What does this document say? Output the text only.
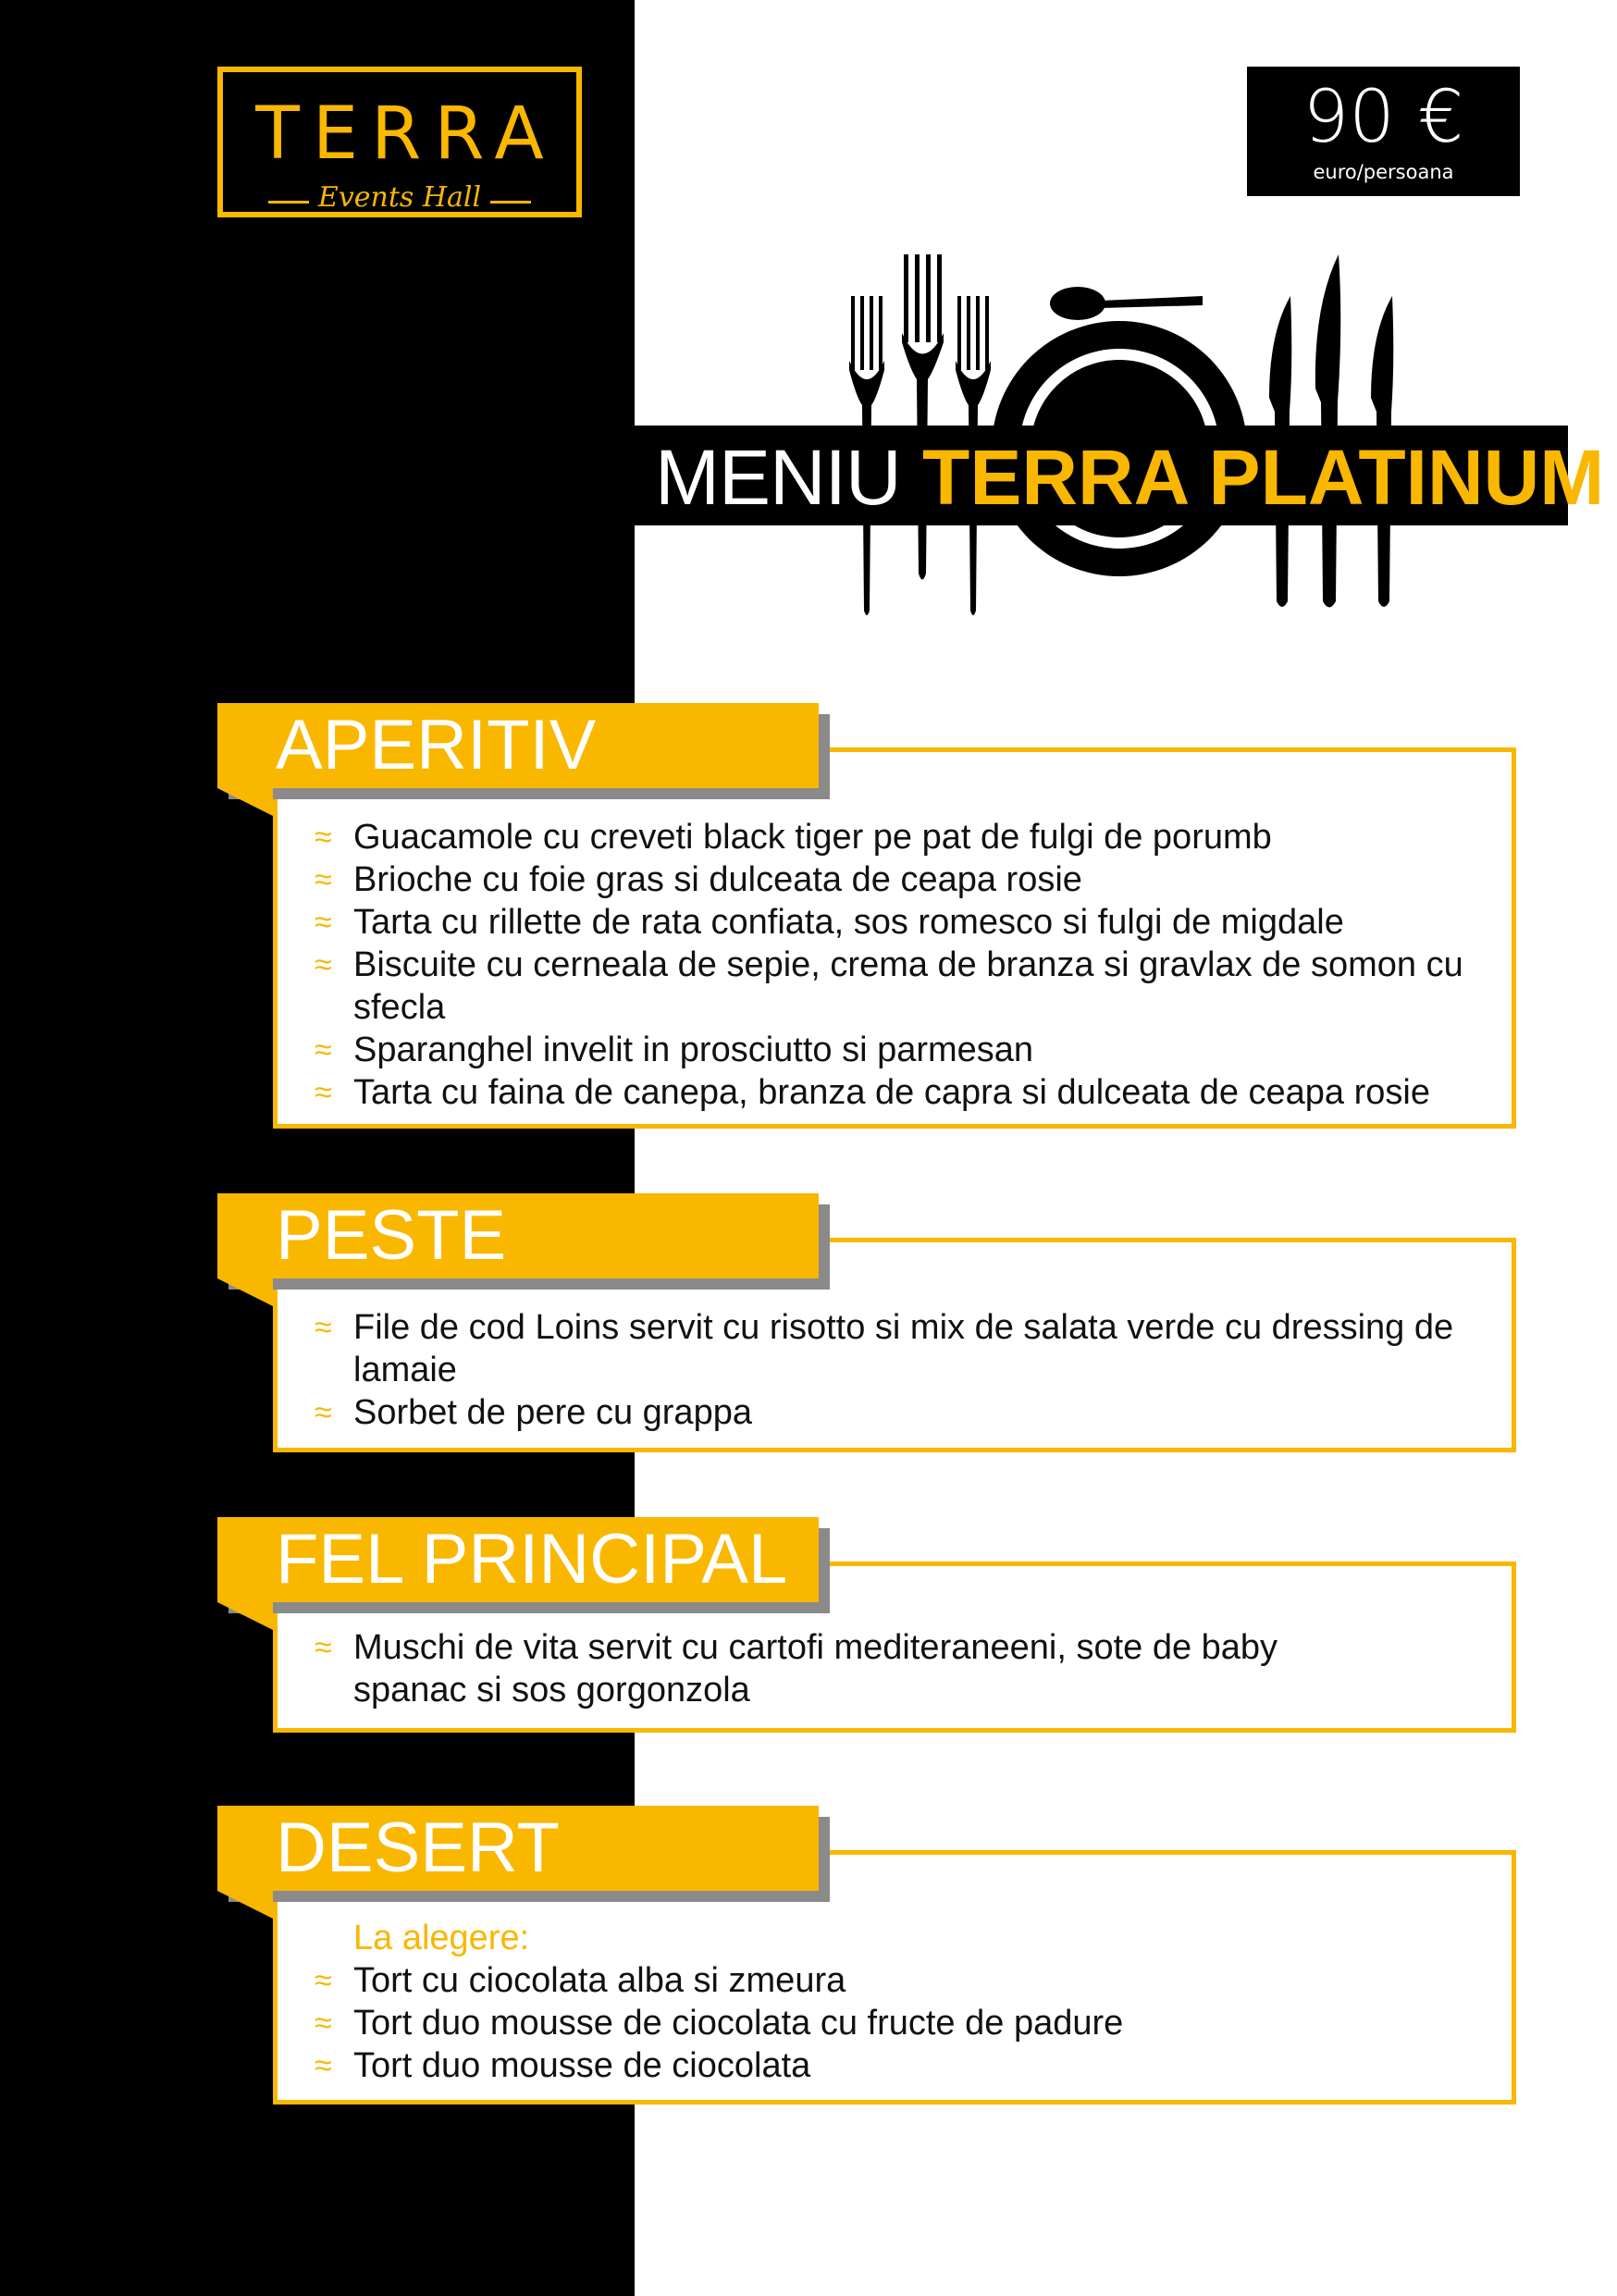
TERRA
Events Hall
90 €
euro/persoana
MENIU TERRA PLATINUM
APERITIV
≈ Guacamole cu creveti black tiger pe pat de fulgi de porumb
≈ Brioche cu foie gras si dulceata de ceapa rosie
≈ Tarta cu rillette de rata confiata, sos romesco si fulgi de migdale
≈ Biscuite cu cerneala de sepie, crema de branza si gravlax de somon cu sfecla
≈ Sparanghel invelit in prosciutto si parmesan
≈ Tarta cu faina de canepa, branza de capra si dulceata de ceapa rosie
PESTE
≈ File de cod Loins servit cu risotto si mix de salata verde cu dressing de lamaie
≈ Sorbet de pere cu grappa
FEL PRINCIPAL
≈ Muschi de vita servit cu cartofi mediteraneeni, sote de baby spanac si sos gorgonzola
DESERT
La alegere:
≈ Tort cu ciocolata alba si zmeura
≈ Tort duo mousse de ciocolata cu fructe de padure
≈ Tort duo mousse de ciocolata
